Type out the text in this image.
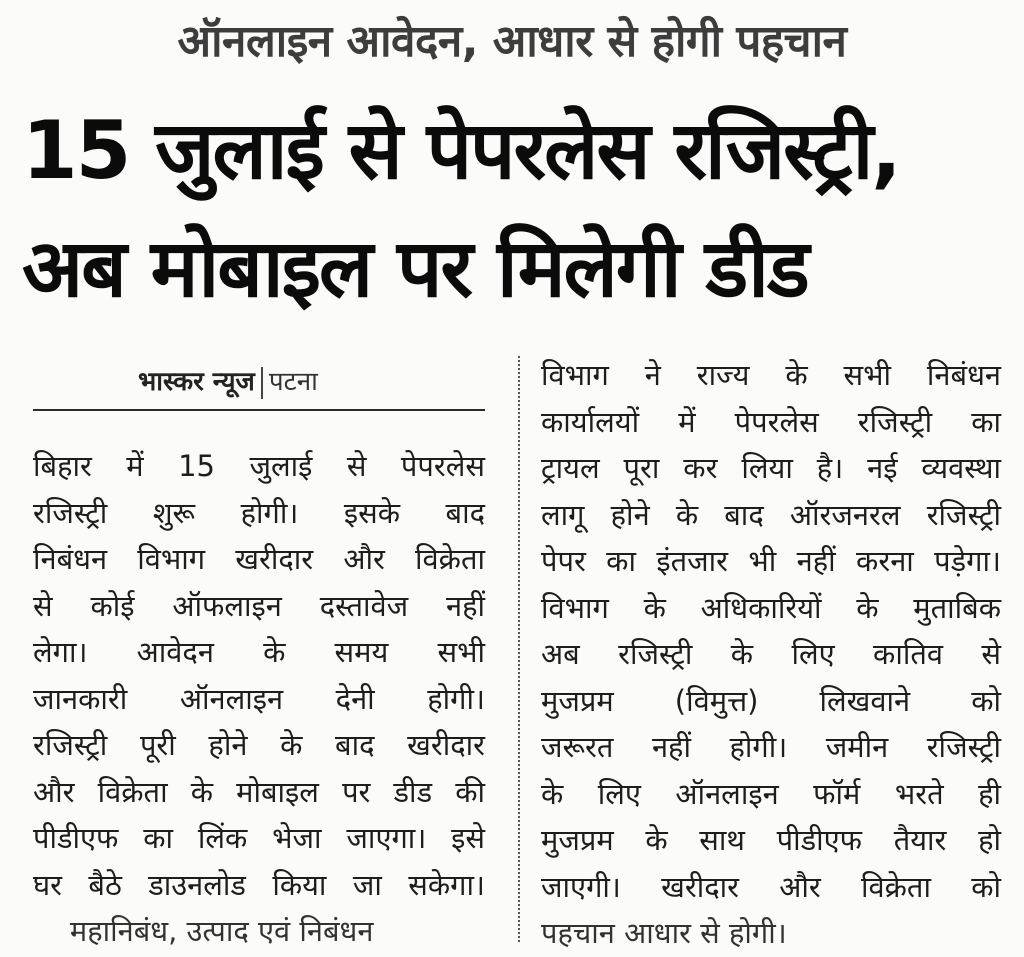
ऑनलाइन आवेदन, आधार से होगी पहचान
15 जुलाई से पेपरलेस रजिस्ट्री,
अब मोबाइल पर मिलेगी डीड
भास्कर न्यूज पटना
बिहार में 15 जुलाई से पेपरलेस
रजिस्ट्री शुरू होगी। इसके बाद
निबंधन विभाग खरीदार और विक्रेता
से कोई ऑफलाइन दस्तावेज नहीं
लेगा। आवेदन के समय सभी
जानकारी ऑनलाइन देनी होगी।
रजिस्ट्री पूरी होने के बाद खरीदार
और विक्रेता के मोबाइल पर डीड की
पीडीएफ का लिंक भेजा जाएगा। इसे
घर बैठे डाउनलोड किया जा सकेगा।
महानिबंध, उत्पाद एवं निबंधन
विभाग ने राज्य के सभी निबंधन
कार्यालयों में पेपरलेस रजिस्ट्री का
ट्रायल पूरा कर लिया है। नई व्यवस्था
लागू होने के बाद ऑरजनरल रजिस्ट्री
पेपर का इंतजार भी नहीं करना पड़ेगा।
विभाग के अधिकारियों के मुताबिक
अब रजिस्ट्री के लिए कातिव से
मुजप्रम (विमुत्त) लिखवाने को
जरूरत नहीं होगी। जमीन रजिस्ट्री
के लिए ऑनलाइन फॉर्म भरते ही
मुजप्रम के साथ पीडीएफ तैयार हो
जाएगी। खरीदार और विक्रेता को
पहचान आधार से होगी।
